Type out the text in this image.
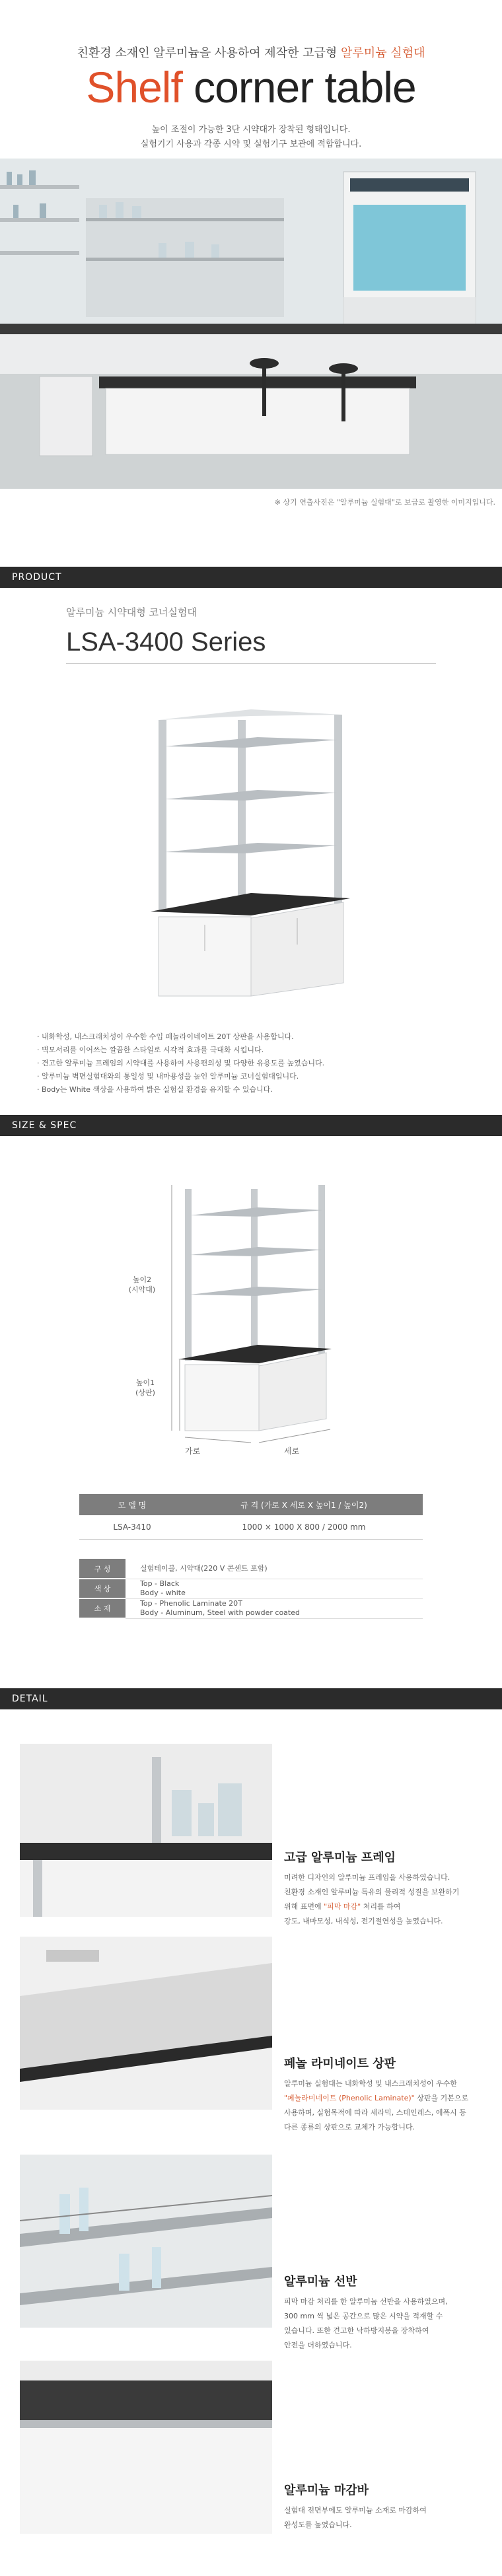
친환경 소재인 알루미늄을 사용하여 제작한 고급형 알루미늄 실험대
Shelf corner table
높이 조절이 가능한 3단 시약대가 장착된 형태입니다.
실험기기 사용과 각종 시약 및 실험기구 보관에 적합합니다.
※ 상기 연출사진은 "알루미늄 실험대"로 보급로 촬영한 이미지입니다.
PRODUCT
알루미늄 시약대형 코너실험대
LSA-3400 Series
· 내화학성, 내스크래치성이 우수한 수입 페놀라이네이트 20T 상판을 사용합니다.
· 벽모서리를 이어쓰는 깔끔한 스타일로 시각적 효과를 극대화 시킵니다.
· 견고한 알루미늄 프레임의 시약대를 사용하여 사용편의성 및 다양한 유용도를 높였습니다.
· 알루미늄 벽면실험대와의 통일성 및 내마용성을 높인 알루미늄 코너실험대입니다.
· Body는 White 색상을 사용하여 밝은 실험실 환경을 유지할 수 있습니다.
SIZE & SPEC
높이2
(시약대)
높이1
(상판)
가로	세로
모 델 명	규 격 (가로 X 세로 X 높이1 / 높이2)
LSA-3410	1000 × 1000 X 800 / 2000 mm
구 성	실험테이블, 시약대(220 V 콘센트 포함)

색 상	Top - Black
Body - white

소 재	Top - Phenolic Laminate 20T
Body - Aluminum, Steel with powder coated
DETAIL
고급 알루미늄 프레임
미려한 디자인의 알루미늄 프레임을 사용하였습니다.
친환경 소재인 알루미늄 특유의 물리적 성질을 보완하기
위해 표면에 "피막 마감" 처리를 하여
강도, 내마모성, 내식성, 전기절연성을 높였습니다.
페놀 라미네이트 상판
알루미늄 실험대는 내화학성 및 내스크래치성이 우수한
"페놀라미네이트 (Phenolic Laminate)" 상판을 기본으로
사용하며, 실험목적에 따라 세라믹, 스테인레스, 에폭시 등
다른 종류의 상판으로 교체가 가능합니다.
알루미늄 선반
피막 마감 처리를 한 알루미늄 선반을 사용하였으며,
300 mm 씩 넓은 공간으로 많은 시약을 적재할 수
있습니다. 또한 견고한 낙하방지봉을 장착하여
안전을 더하였습니다.
알루미늄 마감바
실험대 전면부에도 알루미늄 소재로 마감하여
완성도를 높였습니다.
